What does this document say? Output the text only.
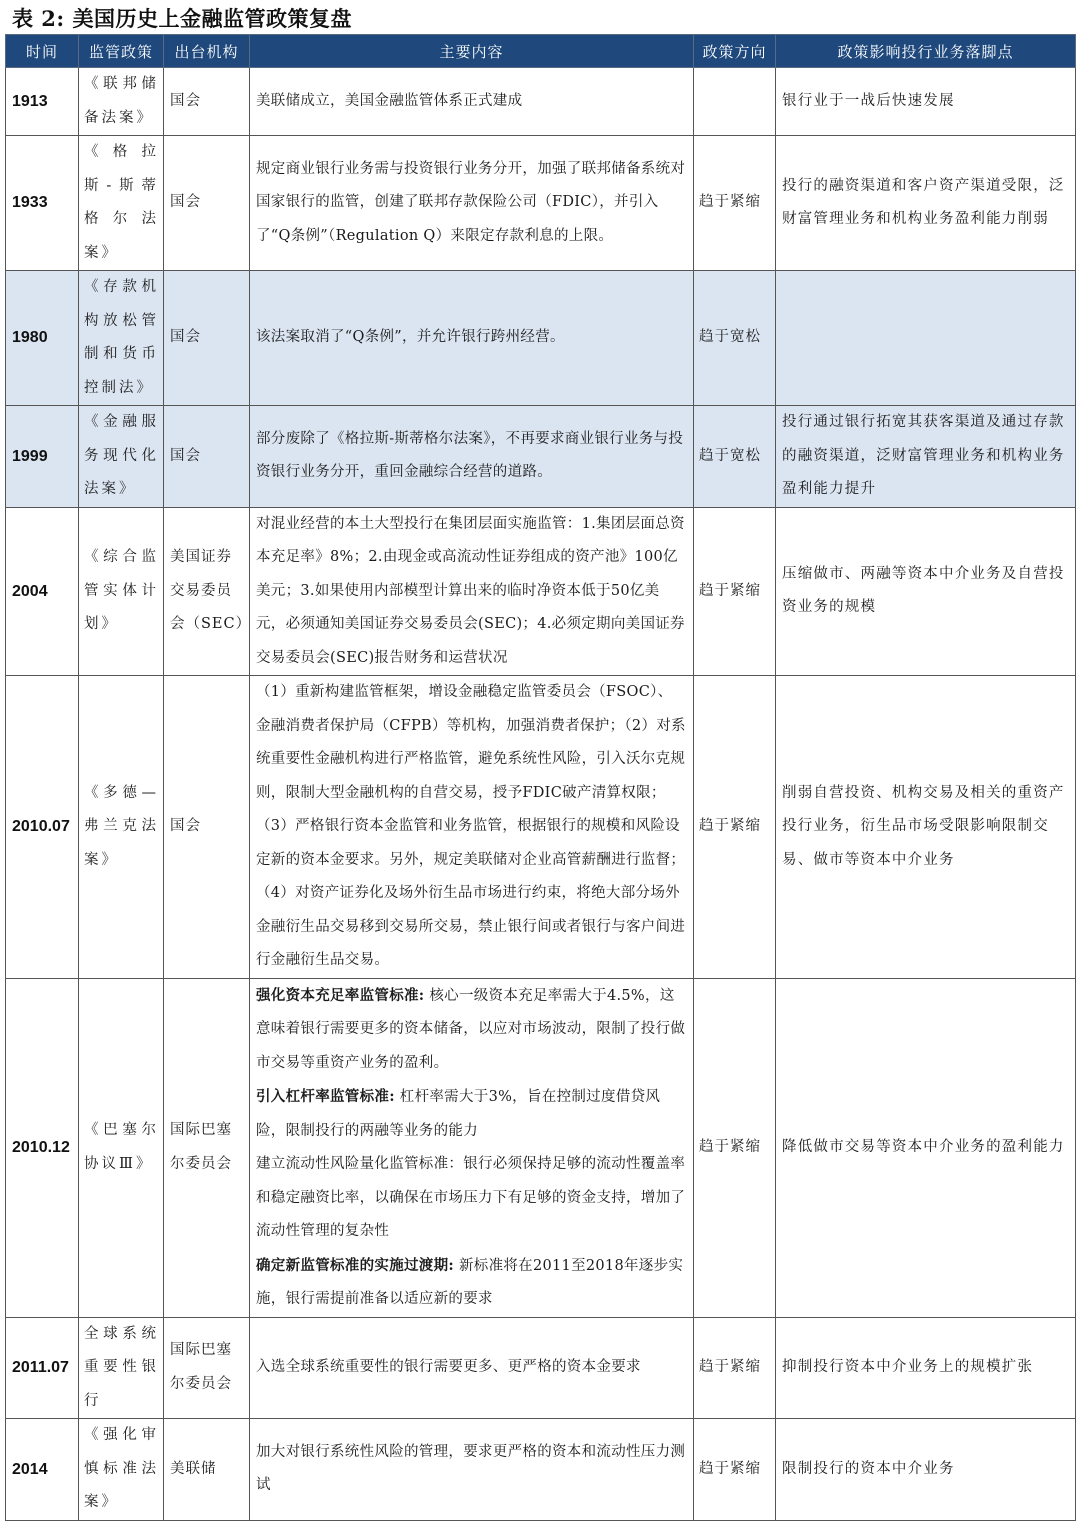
表 2: 美国历史上金融监管政策复盘
时间	监管政策	出台机构	主要内容	政策方向	政策影响投行业务落脚点
1913	《联邦储备法案》	国会	美联储成立，美国金融监管体系正式建成		银行业于一战后快速发展
1933	《格拉斯-斯蒂格尔法案》	国会	规定商业银行业务需与投资银行业务分开，加强了联邦储备系统对国家银行的监管，创建了联邦存款保险公司（FDIC），并引入了“Q条例”（Regulation Q）来限定存款利息的上限。	趋于紧缩	投行的融资渠道和客户资产渠道受限，泛财富管理业务和机构业务盈利能力削弱
1980	《存款机构放松管制和货币控制法》	国会	该法案取消了“Q条例”，并允许银行跨州经营。	趋于宽松	
1999	《金融服务现代化法案》	国会	部分废除了《格拉斯-斯蒂格尔法案》，不再要求商业银行业务与投资银行业务分开，重回金融综合经营的道路。	趋于宽松	投行通过银行拓宽其获客渠道及通过存款的融资渠道，泛财富管理业务和机构业务盈利能力提升
2004	《综合监管实体计划》	美国证券交易委员会（SEC）	对混业经营的本土大型投行在集团层面实施监管：1.集团层面总资本充足率》8%；2.由现金或高流动性证券组成的资产池》100亿美元；3.如果使用内部模型计算出来的临时净资本低于50亿美元，必须通知美国证券交易委员会(SEC)；4.必须定期向美国证券交易委员会(SEC)报告财务和运营状况	趋于紧缩	压缩做市、两融等资本中介业务及自营投资业务的规模
2010.07	《多德—弗兰克法案》	国会	（1）重新构建监管框架，增设金融稳定监管委员会（FSOC）、金融消费者保护局（CFPB）等机构，加强消费者保护；（2）对系统重要性金融机构进行严格监管，避免系统性风险，引入沃尔克规则，限制大型金融机构的自营交易，授予FDIC破产清算权限；（3）严格银行资本金监管和业务监管，根据银行的规模和风险设定新的资本金要求。另外，规定美联储对企业高管薪酬进行监督；（4）对资产证券化及场外衍生品市场进行约束，将绝大部分场外金融衍生品交易移到交易所交易，禁止银行间或者银行与客户间进行金融衍生品交易。	趋于紧缩	削弱自营投资、机构交易及相关的重资产投行业务，衍生品市场受限影响限制交易、做市等资本中介业务
2010.12	《巴塞尔协议Ⅲ》	国际巴塞尔委员会	强化资本充足率监管标准: 核心一级资本充足率需大于4.5%，这意味着银行需要更多的资本储备，以应对市场波动，限制了投行做市交易等重资产业务的盈利。
引入杠杆率监管标准: 杠杆率需大于3%，旨在控制过度借贷风险，限制投行的两融等业务的能力
建立流动性风险量化监管标准：银行必须保持足够的流动性覆盖率和稳定融资比率，以确保在市场压力下有足够的资金支持，增加了流动性管理的复杂性
确定新监管标准的实施过渡期: 新标准将在2011至2018年逐步实施，银行需提前准备以适应新的要求	趋于紧缩	降低做市交易等资本中介业务的盈利能力
2011.07	全球系统重要性银行	国际巴塞尔委员会	入选全球系统重要性的银行需要更多、更严格的资本金要求	趋于紧缩	抑制投行资本中介业务上的规模扩张
2014	《强化审慎标准法案》	美联储	加大对银行系统性风险的管理，要求更严格的资本和流动性压力测试	趋于紧缩	限制投行的资本中介业务
